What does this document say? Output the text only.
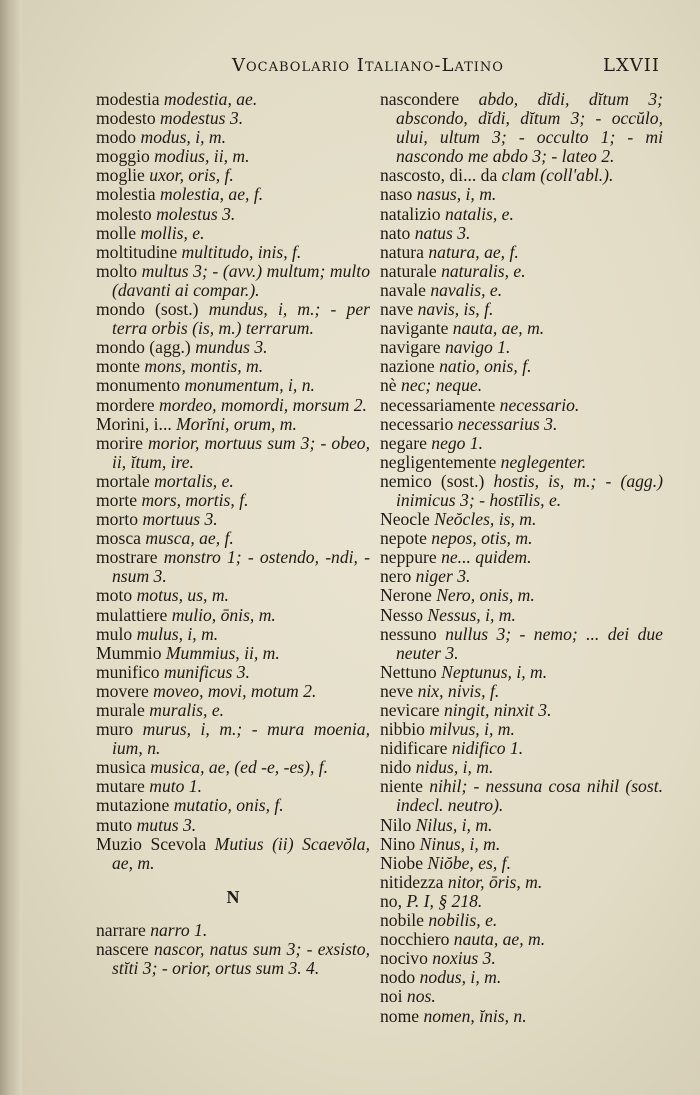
Vocabolario Italiano-Latino	LXVII
modestia modestia, ae.
modesto modestus 3.
modo modus, i, m.
moggio modius, ii, m.
moglie uxor, oris, f.
molestia molestia, ae, f.
molesto molestus 3.
molle mollis, e.
moltitudine multitudo, inis, f.
molto multus 3; - (avv.) multum; multo (davanti ai compar.).
mondo (sost.) mundus, i, m.; - per terra orbis (is, m.) terrarum.
mondo (agg.) mundus 3.
monte mons, montis, m.
monumento monumentum, i, n.
mordere mordeo, momordi, morsum 2.
Morini, i... Morĭni, orum, m.
morire morior, mortuus sum 3; - obeo, ii, ĭtum, ire.
mortale mortalis, e.
morte mors, mortis, f.
morto mortuus 3.
mosca musca, ae, f.
mostrare monstro 1; - ostendo, -ndi, -nsum 3.
moto motus, us, m.
mulattiere mulio, ōnis, m.
mulo mulus, i, m.
Mummio Mummius, ii, m.
munifico munificus 3.
movere moveo, movi, motum 2.
murale muralis, e.
muro murus, i, m.; - mura moenia, ium, n.
musica musica, ae, (ed -e, -es), f.
mutare muto 1.
mutazione mutatio, onis, f.
muto mutus 3.
Muzio Scevola Mutius (ii) Scaevŏla, ae, m.
N
narrare narro 1.
nascere nascor, natus sum 3; - exsisto, stĭti 3; - orior, ortus sum 3. 4.
nascondere abdo, dĭdi, dĭtum 3; abscondo, dĭdi, dĭtum 3; - occŭlo, ului, ultum 3; - occulto 1; - mi nascondo me abdo 3; - lateo 2.
nascosto, di... da clam (coll'abl.).
naso nasus, i, m.
natalizio natalis, e.
nato natus 3.
natura natura, ae, f.
naturale naturalis, e.
navale navalis, e.
nave navis, is, f.
navigante nauta, ae, m.
navigare navigo 1.
nazione natio, onis, f.
nè nec; neque.
necessariamente necessario.
necessario necessarius 3.
negare nego 1.
negligentemente neglegenter.
nemico (sost.) hostis, is, m.; - (agg.) inimicus 3; - hostīlis, e.
Neocle Neŏcles, is, m.
nepote nepos, otis, m.
neppure ne... quidem.
nero niger 3.
Nerone Nero, onis, m.
Nesso Nessus, i, m.
nessuno nullus 3; - nemo; ... dei due neuter 3.
Nettuno Neptunus, i, m.
neve nix, nivis, f.
nevicare ningit, ninxit 3.
nibbio milvus, i, m.
nidificare nidifico 1.
nido nidus, i, m.
niente nihil; - nessuna cosa nihil (sost. indecl. neutro).
Nilo Nilus, i, m.
Nino Ninus, i, m.
Niobe Niŏbe, es, f.
nitidezza nitor, ōris, m.
no, P. I, § 218.
nobile nobilis, e.
nocchiero nauta, ae, m.
nocivo noxius 3.
nodo nodus, i, m.
noi nos.
nome nomen, ĭnis, n.
